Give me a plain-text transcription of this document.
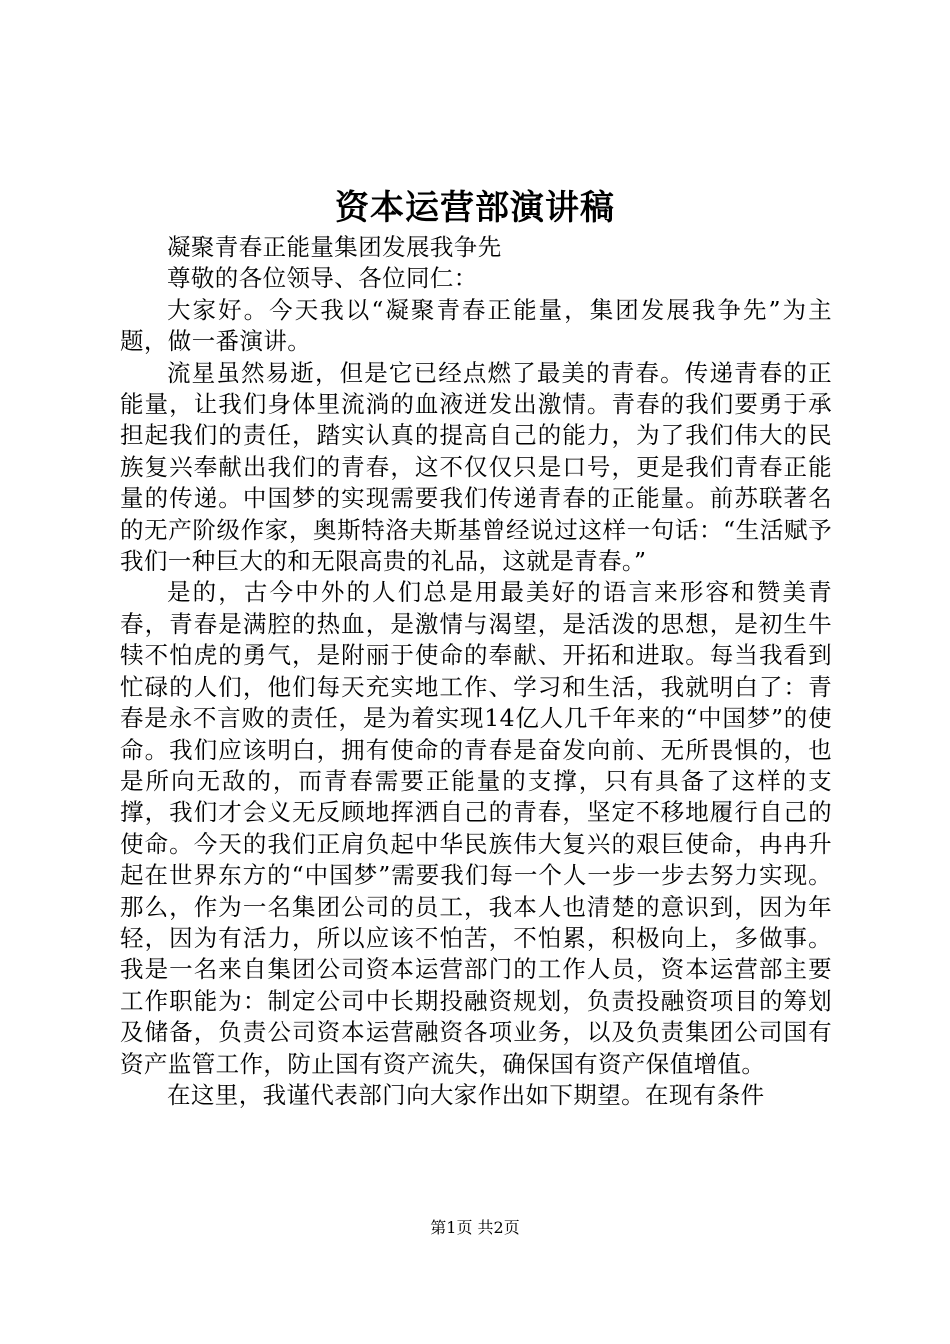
资本运营部演讲稿

凝聚青春正能量集团发展我争先

尊敬的各位领导、各位同仁：

大家好。今天我以“凝聚青春正能量，集团发展我争先”为主题，做一番演讲。

流星虽然易逝，但是它已经点燃了最美的青春。传递青春的正能量，让我们身体里流淌的血液迸发出激情。青春的我们要勇于承担起我们的责任，踏实认真的提高自己的能力，为了我们伟大的民族复兴奉献出我们的青春，这不仅仅只是口号，更是我们青春正能量的传递。中国梦的实现需要我们传递青春的正能量。前苏联著名的无产阶级作家，奥斯特洛夫斯基曾经说过这样一句话：“生活赋予我们一种巨大的和无限高贵的礼品，这就是青春。”

是的，古今中外的人们总是用最美好的语言来形容和赞美青春，青春是满腔的热血，是激情与渴望，是活泼的思想，是初生牛犊不怕虎的勇气，是附丽于使命的奉献、开拓和进取。每当我看到忙碌的人们，他们每天充实地工作、学习和生活，我就明白了：青春是永不言败的责任，是为着实现14亿人几千年来的“中国梦”的使命。我们应该明白，拥有使命的青春是奋发向前、无所畏惧的，也是所向无敌的，而青春需要正能量的支撑，只有具备了这样的支撑，我们才会义无反顾地挥洒自己的青春，坚定不移地履行自己的使命。今天的我们正肩负起中华民族伟大复兴的艰巨使命，冉冉升起在世界东方的“中国梦”需要我们每一个人一步一步去努力实现。那么，作为一名集团公司的员工，我本人也清楚的意识到，因为年轻，因为有活力，所以应该不怕苦，不怕累，积极向上，多做事。我是一名来自集团公司资本运营部门的工作人员，资本运营部主要工作职能为：制定公司中长期投融资规划，负责投融资项目的筹划及储备，负责公司资本运营融资各项业务，以及负责集团公司国有资产监管工作，防止国有资产流失，确保国有资产保值增值。

在这里，我谨代表部门向大家作出如下期望。在现有条件

第1页 共2页
